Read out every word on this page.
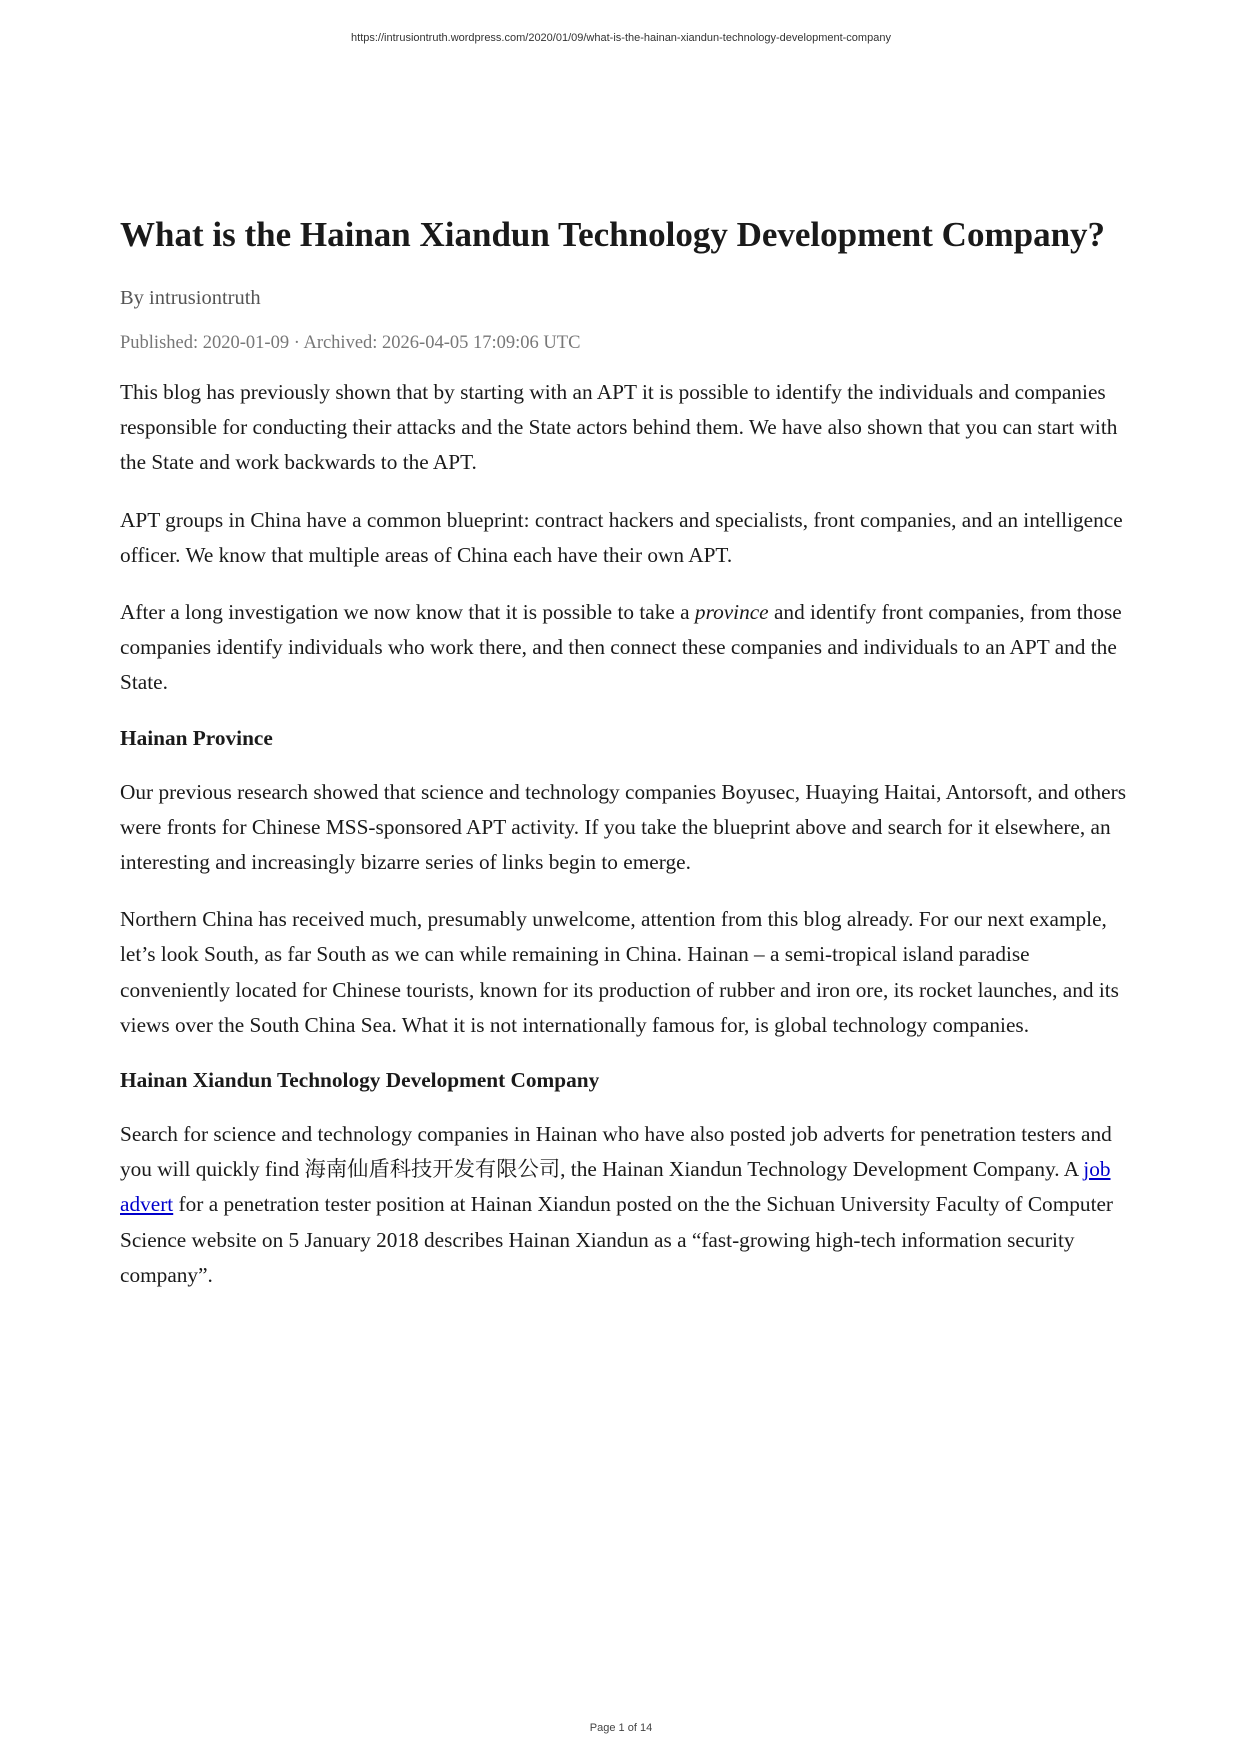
https://intrusiontruth.wordpress.com/2020/01/09/what-is-the-hainan-xiandun-technology-development-company
What is the Hainan Xiandun Technology Development Company?
By intrusiontruth
Published: 2020-01-09 · Archived: 2026-04-05 17:09:06 UTC

This blog has previously shown that by starting with an APT it is possible to identify the individuals and companies responsible for conducting their attacks and the State actors behind them. We have also shown that you can start with the State and work backwards to the APT.

APT groups in China have a common blueprint: contract hackers and specialists, front companies, and an intelligence officer. We know that multiple areas of China each have their own APT.

After a long investigation we now know that it is possible to take a province and identify front companies, from those companies identify individuals who work there, and then connect these companies and individuals to an APT and the State.

Hainan Province

Our previous research showed that science and technology companies Boyusec, Huaying Haitai, Antorsoft, and others were fronts for Chinese MSS-sponsored APT activity. If you take the blueprint above and search for it elsewhere, an interesting and increasingly bizarre series of links begin to emerge.

Northern China has received much, presumably unwelcome, attention from this blog already. For our next example, let’s look South, as far South as we can while remaining in China. Hainan – a semi-tropical island paradise conveniently located for Chinese tourists, known for its production of rubber and iron ore, its rocket launches, and its views over the South China Sea. What it is not internationally famous for, is global technology companies.

Hainan Xiandun Technology Development Company

Search for science and technology companies in Hainan who have also posted job adverts for penetration testers and you will quickly find 海南仙盾科技开发有限公司, the Hainan Xiandun Technology Development Company. A job advert for a penetration tester position at Hainan Xiandun posted on the the Sichuan University Faculty of Computer Science website on 5 January 2018 describes Hainan Xiandun as a “fast-growing high-tech information security company”.

Page 1 of 14
